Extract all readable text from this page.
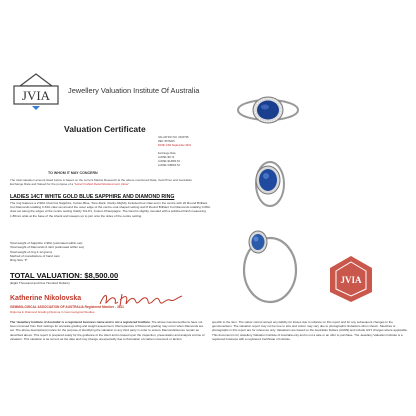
JVIA Jewellery Valuation Institute Of Australia
Valuation Certificate
VALUATION NO. 0000798
REF: 8676/RS
DATE: 15th September 2021

Exchange Rate
AUD$1=$0.74
AUD$1=EUR€0.63
AUD$1=GBP£0.54
TO WHOM IT MAY CONCERN
The total valuation amount listed below is based on the current Market Research at the above-mentioned Date, Gold Price and Australian Exchange Rate and Valued for the purpose of a "Hand Crafted Retail Replacement Value"
LADIES 14CT WHITE GOLD BLUE SAPPHIRE AND DIAMOND RING
The ring features a 2.98ct Oval Cut Sapphire, Colour-Blue, Tone-Dark, Clarity-Slightly Included four claw set in the centre with 20 Round Brilliant Cut Diamonds totalling 0.34ct claw set around the outer edge of the centre oval shaped setting and 8 Round Brilliant Cut Diamonds totalling 0.08ct claw set along the edges of the centre setting Clarity SI1-P1, Colour-Champagne. The band is slightly rounded with a polished finish measuring 1.80mm wide at the base of the shank and sweeps up to join onto the sides of the centre setting.
Total weight of Sapphire 2.98ct (estimated within set)
Total weight of Diamonds 0.42ct (estimated within set)
Total weight of ring 4.12 grams
Method of manufacture of hand cast
Ring Size 'P'
TOTAL VALUATION: $8,500.00
(Eight Thousand and Five Hundred Dollars)
Katherine Nikolovska
GEMMOLOGICAL ASSOCIATION OF AUSTRALIA Registered Member - 3811
Diploma in Diamond Grading Diploma in Gemmological Studies
The 'Jewellery Institute of Australia' is a registered business name and is not a registered Institute. The above Gemstones/Items have not been removed from their settings for accurate grading and weight assessment. Discrepancies of Diamond grading may occur when Diamonds are set. The above description(s) is/are for the purpose of identifying the valuation to any third party in order to ensure Diamonds/stones remain as described above. This report is prepared solely for the guidance of the client and is based upon the inspection, presentation and analysis at time of valuation. This valuation is as current as the date and may change unexpectedly due to fluctuation of market movement or factors
specific to the item. The valuer cannot accept any liability for losses due to reliance on this report and for any subsequent changes to the gemstone/item. The valuation report may not be true to size and colour may vary due to photographic limitations when shown. Sketches or photographs in this report are for reference only. Valuations are based on the Australian Dollars (AUD$) and include GST charges where applicable. This document is for Jewellery Valuation Institute of Australia only and is not a sale or an offer to purchase. The Jewellery Valuation Institute is a registered business with a registered Certificate of Institute.
JVIA
